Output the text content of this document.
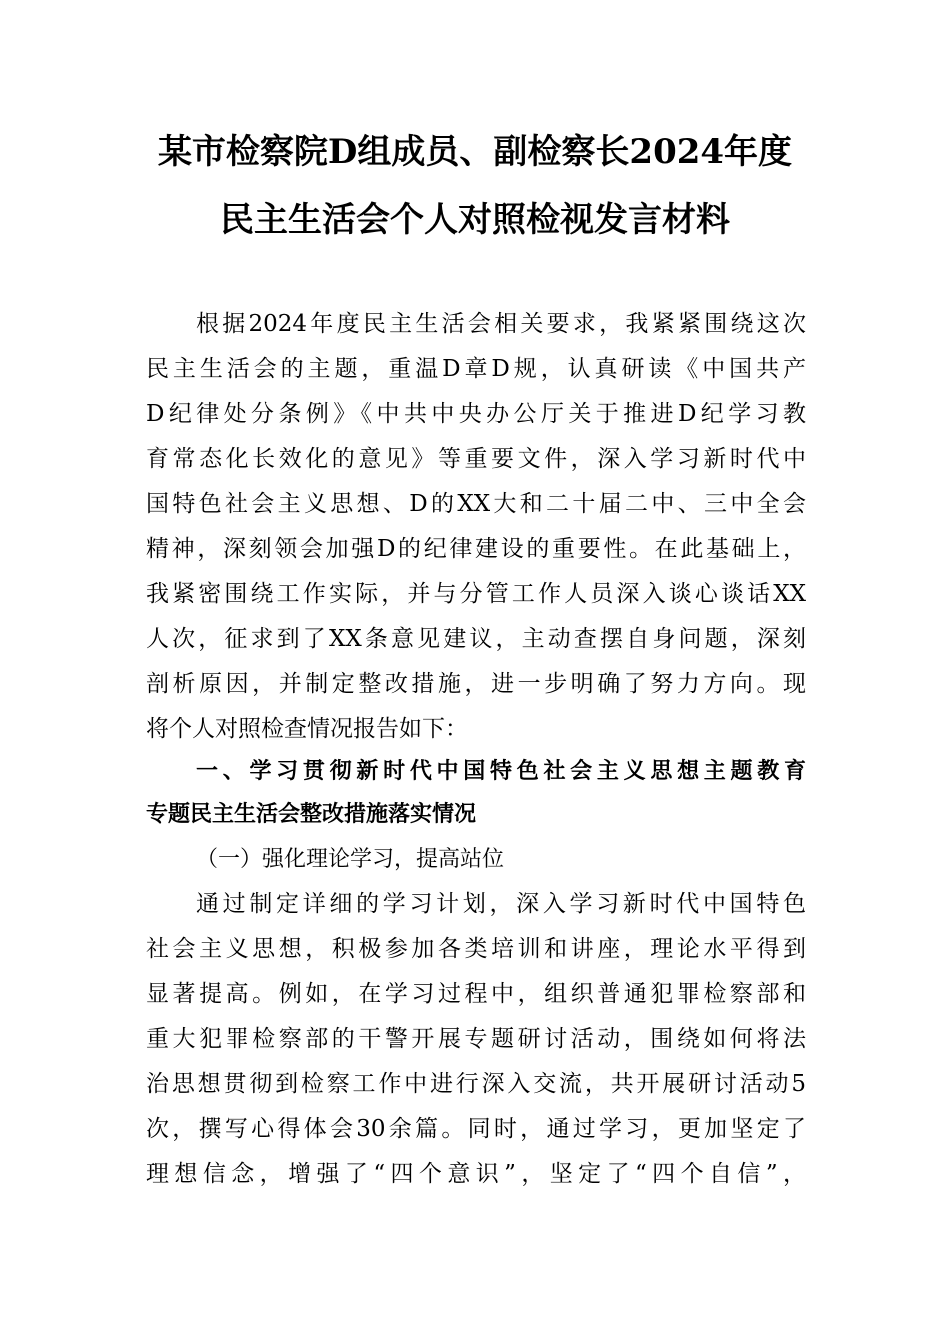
某市检察院D组成员、副检察长2024年度
民主生活会个人对照检视发言材料
根据2024年度民主生活会相关要求，我紧紧围绕这次
民主生活会的主题，重温D章D规，认真研读《中国共产
D纪律处分条例》《中共中央办公厅关于推进D纪学习教
育常态化长效化的意见》等重要文件，深入学习新时代中
国特色社会主义思想、D的XX大和二十届二中、三中全会
精神，深刻领会加强D的纪律建设的重要性。在此基础上，
我紧密围绕工作实际，并与分管工作人员深入谈心谈话XX
人次，征求到了XX条意见建议，主动查摆自身问题，深刻
剖析原因，并制定整改措施，进一步明确了努力方向。现
将个人对照检查情况报告如下：
一、学习贯彻新时代中国特色社会主义思想主题教育
专题民主生活会整改措施落实情况
（一）强化理论学习，提高站位
通过制定详细的学习计划，深入学习新时代中国特色
社会主义思想，积极参加各类培训和讲座，理论水平得到
显著提高。例如，在学习过程中，组织普通犯罪检察部和
重大犯罪检察部的干警开展专题研讨活动，围绕如何将法
治思想贯彻到检察工作中进行深入交流，共开展研讨活动5
次，撰写心得体会30余篇。同时，通过学习，更加坚定了
理想信念，增强了“四个意识”，坚定了“四个自信”，
